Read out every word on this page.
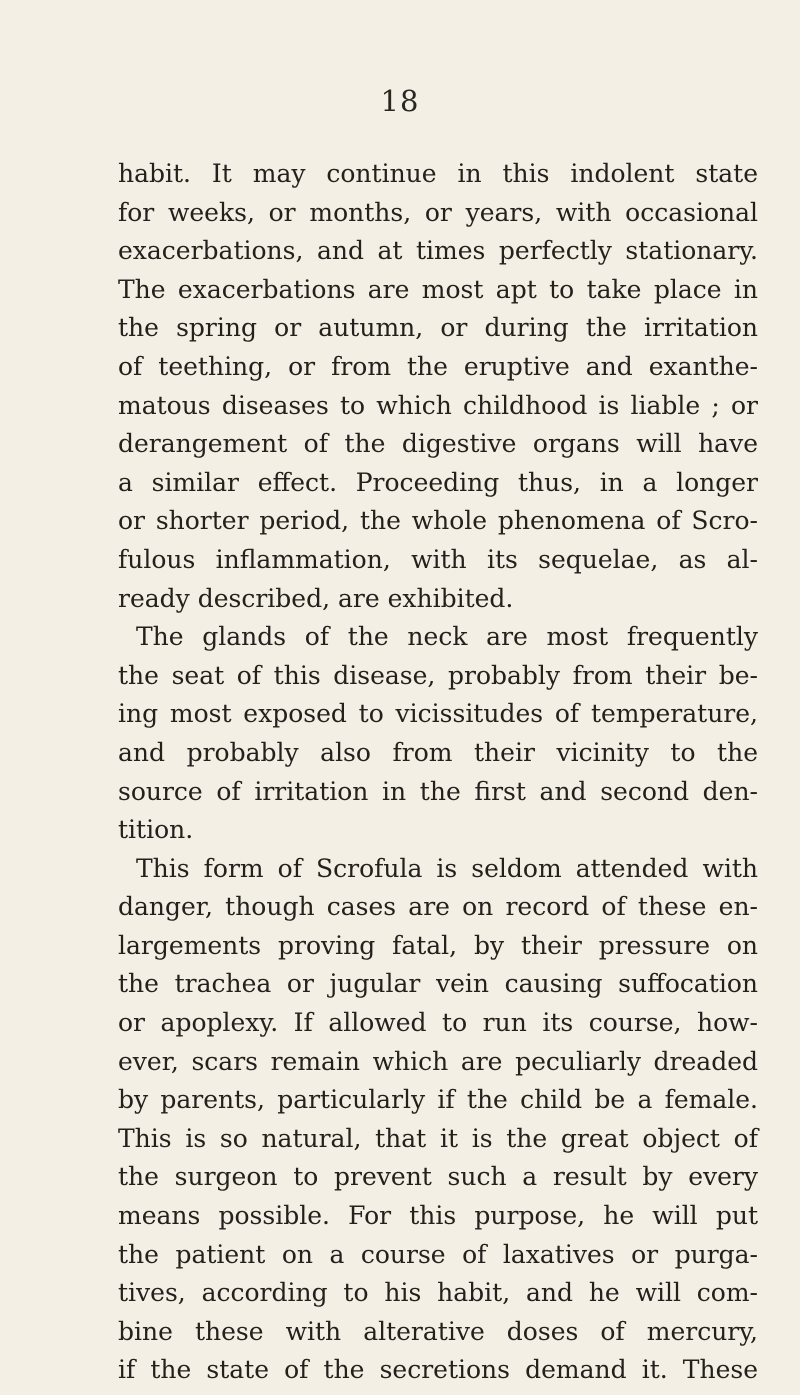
18
habit. It may continue in this indolent state
for weeks, or months, or years, with occasional
exacerbations, and at times perfectly stationary.
The exacerbations are most apt to take place in
the spring or autumn, or during the irritation
of teething, or from the eruptive and exanthe-
matous diseases to which childhood is liable ; or
derangement of the digestive organs will have
a similar effect. Proceeding thus, in a longer
or shorter period, the whole phenomena of Scro-
fulous inflammation, with its sequelae, as al-
ready described, are exhibited.
The glands of the neck are most frequently
the seat of this disease, probably from their be-
ing most exposed to vicissitudes of temperature,
and probably also from their vicinity to the
source of irritation in the first and second den-
tition.
This form of Scrofula is seldom attended with
danger, though cases are on record of these en-
largements proving fatal, by their pressure on
the trachea or jugular vein causing suffocation
or apoplexy. If allowed to run its course, how-
ever, scars remain which are peculiarly dreaded
by parents, particularly if the child be a female.
This is so natural, that it is the great object of
the surgeon to prevent such a result by every
means possible. For this purpose, he will put
the patient on a course of laxatives or purga-
tives, according to his habit, and he will com-
bine these with alterative doses of mercury,
if the state of the secretions demand it. These
